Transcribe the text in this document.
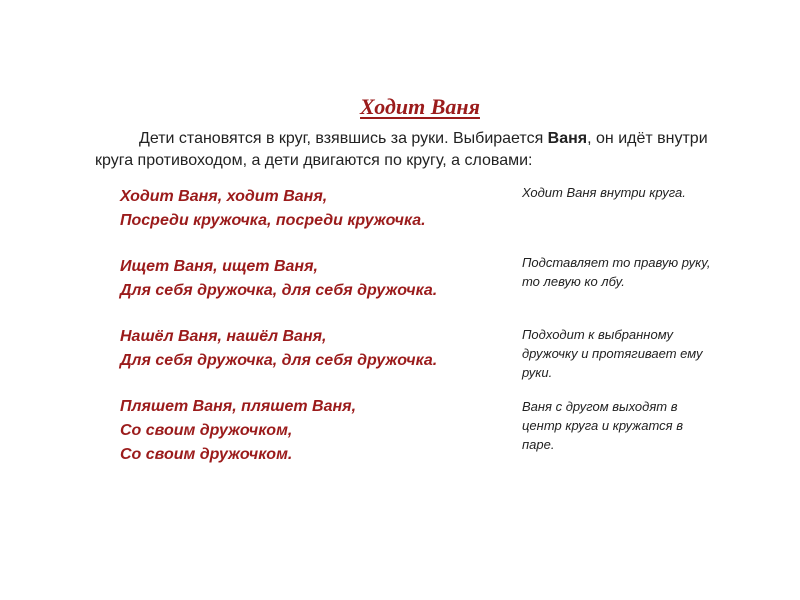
Ходит Ваня
Дети становятся в круг, взявшись за руки. Выбирается Ваня, он идёт внутри круга противоходом, а дети двигаются по кругу, а словами:
Ходит Ваня, ходит Ваня,
Посреди кружочка, посреди кружочка.
Ищет Ваня, ищет Ваня,
Для себя дружочка, для себя дружочка.
Нашёл Ваня, нашёл Ваня,
Для себя дружочка, для себя дружочка.
Пляшет Ваня, пляшет Ваня,
Со своим дружочком,
Со своим дружочком.
Ходит Ваня внутри круга.
Подставляет то правую руку, то левую ко лбу.
Подходит к выбранному дружочку и протягивает ему руки.
Ваня с другом выходят в центр круга и кружатся в паре.
